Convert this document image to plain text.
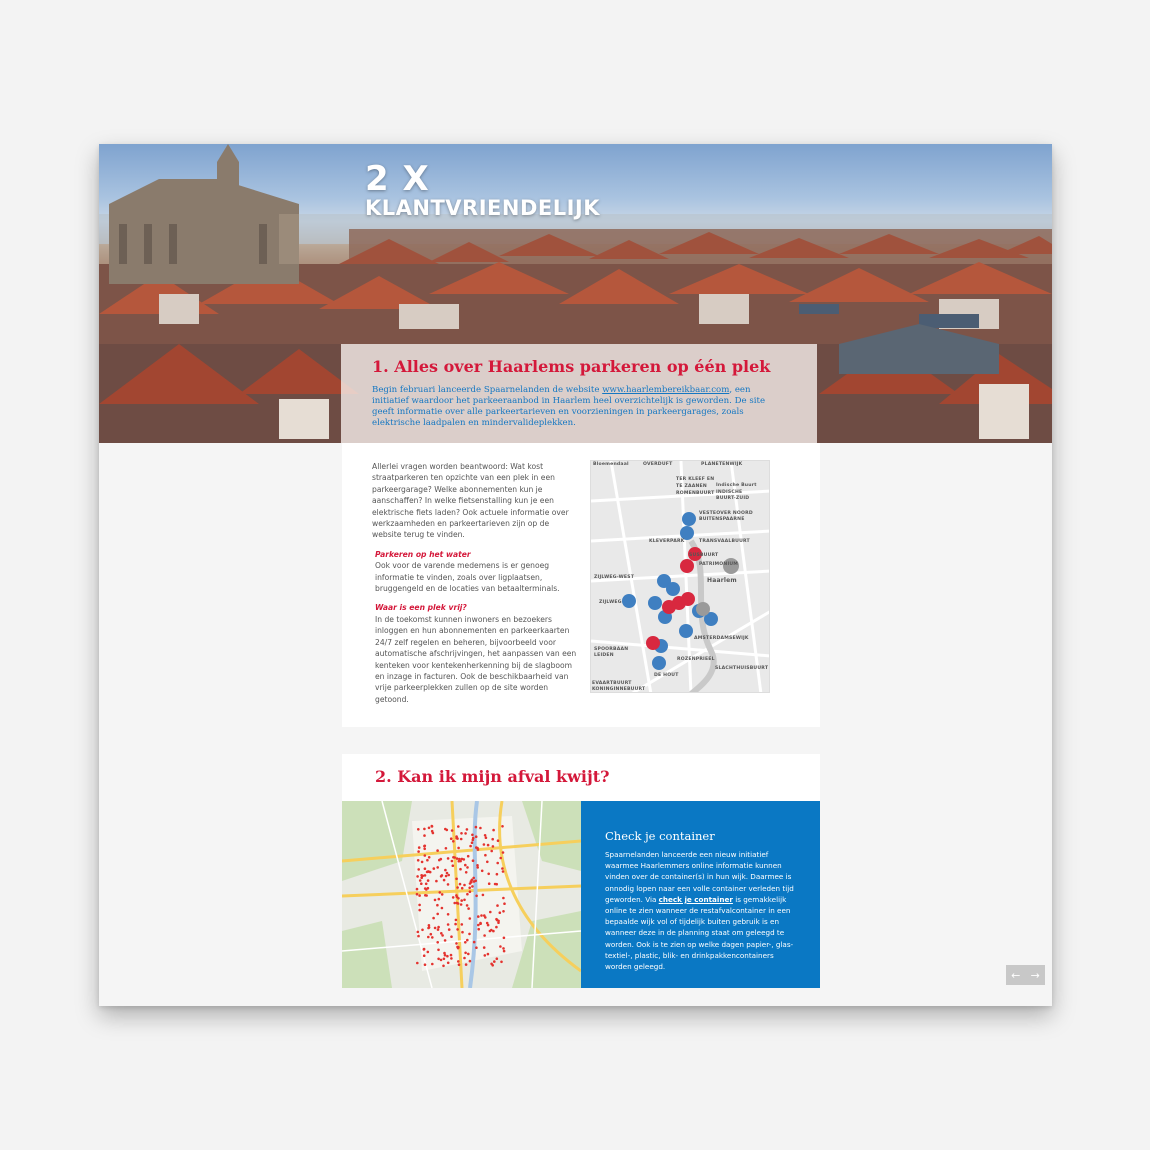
2 X
KLANTVRIENDELIJK
1. Alles over Haarlems parkeren op één plek

Begin februari lanceerde Spaarnelanden de website www.haarlembereikbaar.com, een initiatief waardoor het parkeeraanbod in Haarlem heel overzichtelijk is geworden. De site geeft informatie over alle parkeertarieven en voorzieningen in parkeergarages, zoals elektrische laadpalen en mindervalideplekken.

Allerlei vragen worden beantwoord: Wat kost straatparkeren ten opzichte van een plek in een parkeergarage? Welke abonnementen kun je aanschaffen? In welke fietsenstalling kun je een elektrische fiets laden? Ook actuele informatie over werkzaamheden en parkeertarieven zijn op de website terug te vinden.

Parkeren op het water
Ook voor de varende medemens is er genoeg informatie te vinden, zoals over ligplaatsen, bruggengeld en de locaties van betaalterminals.

Waar is een plek vrij?
In de toekomst kunnen inwoners en bezoekers inloggen en hun abonnementen en parkeerkaarten 24/7 zelf regelen en beheren, bijvoorbeeld voor automatische afschrijvingen, het aanpassen van een kenteken voor kentekenherkenning bij de slagboom en inzage in facturen. Ook de beschikbaarheid van vrije parkeerplekken zullen op de site worden getoond.

Bloemendaal	OVERDUFT	PLANETENWIJK
TER KLEEF EN
TE ZAANEN Indische Buurt
ROMENBUURT INDISCHE
BUURT-ZUID
VESTEOVER NOORD
BUITENSPAARNE
KLEVERPARK	TRANSVAALBUURT
PATRIMONIUM
Haarlem
SUSBUURT
ZIJLWEG-WEST
ZIJLWEG
AMSTERDAMSEWIJK
SPOORBAAN
LEIDEN
ROZENPRIEEL
SLACHTHUISBUURT
EVAARTBUURT
KONINGINNEBUURT
DE HOUT
2. Kan ik mijn afval kwijt?
Check je container

Spaarnelanden lanceerde een nieuw initiatief waarmee Haarlemmers online informatie kunnen vinden over de container(s) in hun wijk. Daarmee is onnodig lopen naar een volle container verleden tijd geworden. Via check je container is gemakkelijk online te zien wanneer de restafvalcontainer in een bepaalde wijk vol of tijdelijk buiten gebruik is en wanneer deze in de planning staat om geleegd te worden. Ook is te zien op welke dagen papier-, glas- textiel-, plastic, blik- en drinkpakkencontainers worden geleegd.

← →
